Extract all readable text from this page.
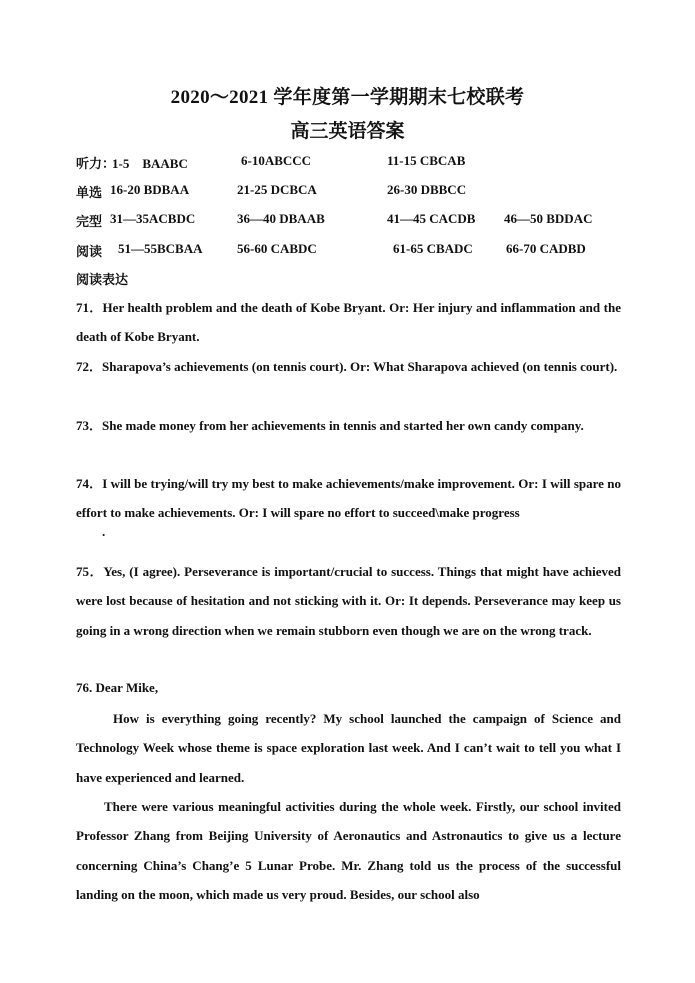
2020～2021 学年度第一学期期末七校联考
高三英语答案
听力：
1-5　BAABC	6-10ABCCC	11-15 CBCAB
单选 16-20 BDBAA	21-25 DCBCA	26-30 DBBCC
完型 31—35ACBDC	36—40 DBAAB	41—45 CACDB 46—50 BDDAC
阅读 51—55BCBAA	56-60 CABDC	61-65 CBADC	66-70 CADBD
阅读表达
71．Her health problem and the death of Kobe Bryant. Or: Her injury and inflammation and the death of Kobe Bryant.
72．Sharapova’s achievements (on tennis court). Or: What Sharapova achieved (on tennis court).
73．She made money from her achievements in tennis and started her own candy company.
74．I will be trying/will try my best to make achievements/make improvement. Or: I will spare no effort to make achievements. Or: I will spare no effort to succeed\make progress
.
75．Yes, (I agree). Perseverance is important/crucial to success. Things that might have achieved were lost because of hesitation and not sticking with it. Or: It depends. Perseverance may keep us going in a wrong direction when we remain stubborn even though we are on the wrong track.
76. Dear Mike,
How is everything going recently? My school launched the campaign of Science and Technology Week whose theme is space exploration last week. And I can’t wait to tell you what I have experienced and learned.
There were various meaningful activities during the whole week. Firstly, our school invited Professor Zhang from Beijing University of Aeronautics and Astronautics to give us a lecture concerning China’s Chang’e 5 Lunar Probe. Mr. Zhang told us the process of the successful landing on the moon, which made us very proud. Besides, our school also
